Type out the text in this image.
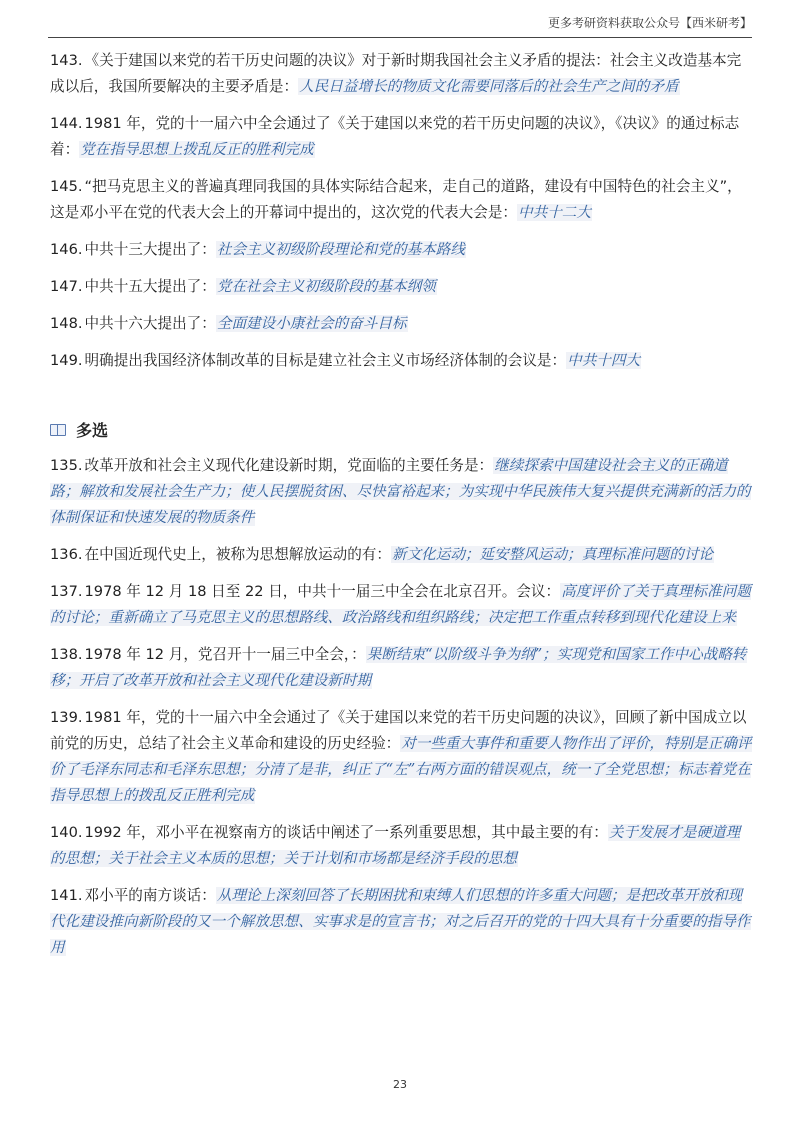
更多考研资料获取公众号【西米研考】
143. 《关于建国以来党的若干历史问题的决议》对于新时期我国社会主义矛盾的提法：社会主义改造基本完成以后，我国所要解决的主要矛盾是：人民日益增长的物质文化需要同落后的社会生产之间的矛盾
144. 1981 年，党的十一届六中全会通过了《关于建国以来党的若干历史问题的决议》，《决议》的通过标志着：党在指导思想上拨乱反正的胜利完成
145. “把马克思主义的普遍真理同我国的具体实际结合起来，走自己的道路，建设有中国特色的社会主义”，这是邓小平在党的代表大会上的开幕词中提出的，这次党的代表大会是：中共十二大
146. 中共十三大提出了：社会主义初级阶段理论和党的基本路线
147. 中共十五大提出了：党在社会主义初级阶段的基本纲领
148. 中共十六大提出了：全面建设小康社会的奋斗目标
149. 明确提出我国经济体制改革的目标是建立社会主义市场经济体制的会议是：中共十四大
多选
135. 改革开放和社会主义现代化建设新时期，党面临的主要任务是：继续探索中国建设社会主义的正确道路；解放和发展社会生产力；使人民摆脱贫困、尽快富裕起来；为实现中华民族伟大复兴提供充满新的活力的体制保证和快速发展的物质条件
136. 在中国近现代史上，被称为思想解放运动的有：新文化运动；延安整风运动；真理标准问题的讨论
137. 1978 年 12 月 18 日至 22 日，中共十一届三中全会在北京召开。会议：高度评价了关于真理标准问题的讨论；重新确立了马克思主义的思想路线、政治路线和组织路线；决定把工作重点转移到现代化建设上来
138. 1978 年 12 月，党召开十一届三中全会，：果断结束“以阶级斗争为纲”；实现党和国家工作中心战略转移；开启了改革开放和社会主义现代化建设新时期
139. 1981 年，党的十一届六中全会通过了《关于建国以来党的若干历史问题的决议》，回顾了新中国成立以前党的历史，总结了社会主义革命和建设的历史经验：对一些重大事件和重要人物作出了评价，特别是正确评价了毛泽东同志和毛泽东思想；分清了是非，纠正了“左”右两方面的错误观点，统一了全党思想；标志着党在指导思想上的拨乱反正胜利完成
140. 1992 年，邓小平在视察南方的谈话中阐述了一系列重要思想，其中最主要的有：关于发展才是硬道理的思想；关于社会主义本质的思想；关于计划和市场都是经济手段的思想
141. 邓小平的南方谈话：从理论上深刻回答了长期困扰和束缚人们思想的许多重大问题；是把改革开放和现代化建设推向新阶段的又一个解放思想、实事求是的宣言书；对之后召开的党的十四大具有十分重要的指导作用
23
